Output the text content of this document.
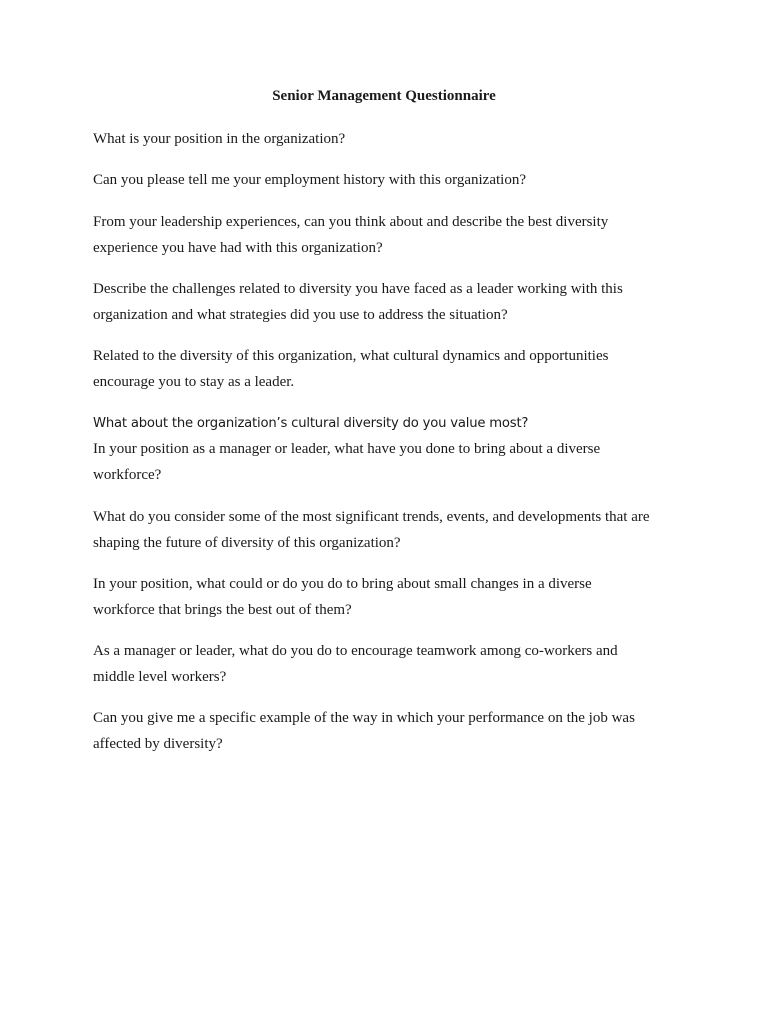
Senior Management Questionnaire

What is your position in the organization?

Can you please tell me your employment history with this organization?

From your leadership experiences, can you think about and describe the best diversity
experience you have had with this organization?

Describe the challenges related to diversity you have faced as a leader working with this
organization and what strategies did you use to address the situation?

Related to the diversity of this organization, what cultural dynamics and opportunities
encourage you to stay as a leader.

What about the organization’s cultural diversity do you value most?

In your position as a manager or leader, what have you done to bring about a diverse
workforce?

What do you consider some of the most significant trends, events, and developments that are
shaping the future of diversity of this organization?

In your position, what could or do you do to bring about small changes in a diverse
workforce that brings the best out of them?

As a manager or leader, what do you do to encourage teamwork among co-workers and
middle level workers?

Can you give me a specific example of the way in which your performance on the job was
affected by diversity?
